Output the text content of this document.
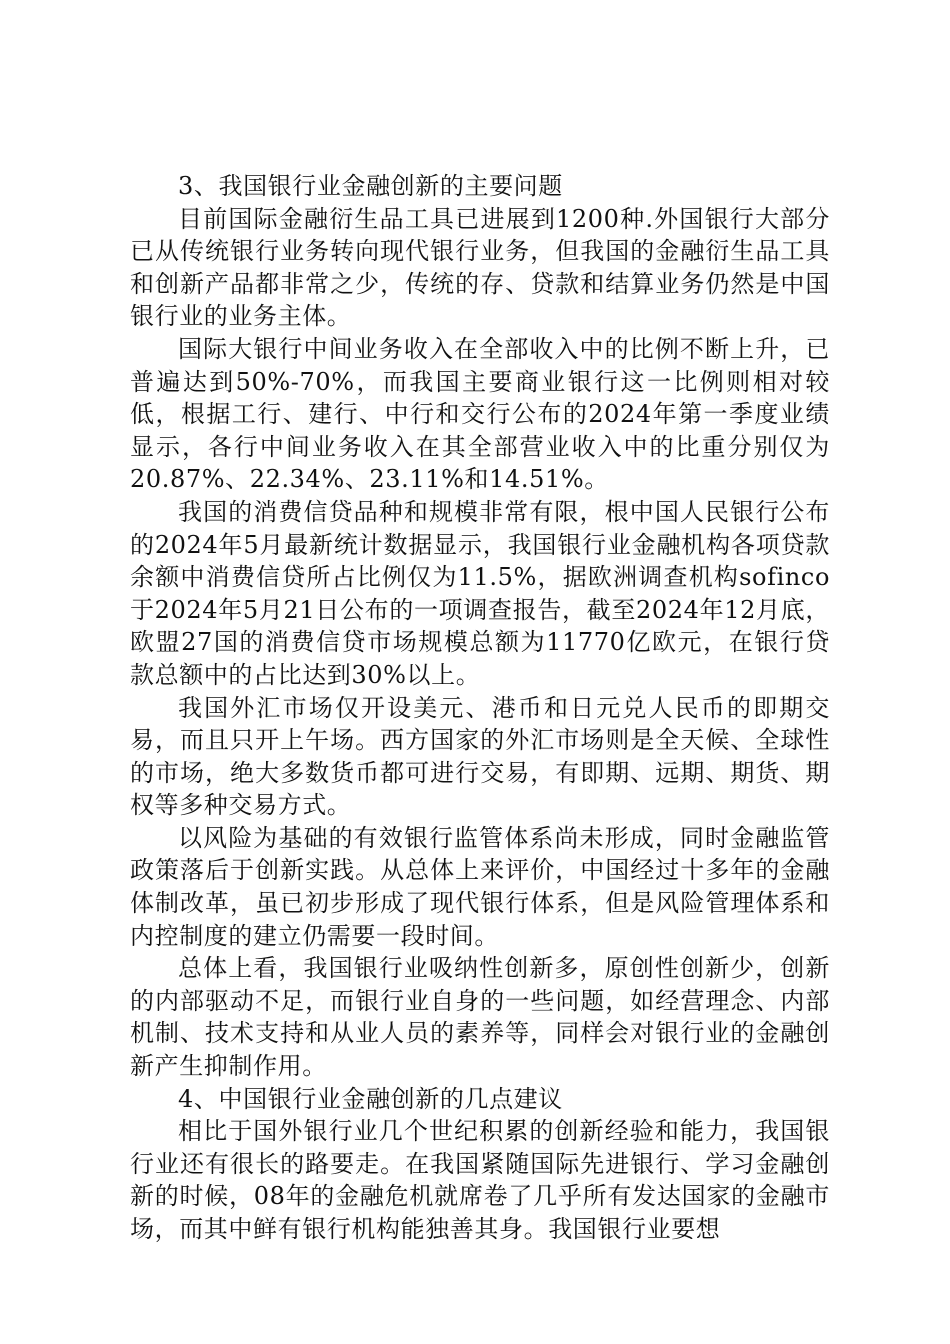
3、我国银行业金融创新的主要问题

目前国际金融衍生品工具已进展到1200种.外国银行大部分已从传统银行业务转向现代银行业务，但我国的金融衍生品工具和创新产品都非常之少，传统的存、贷款和结算业务仍然是中国银行业的业务主体。

国际大银行中间业务收入在全部收入中的比例不断上升，已普遍达到50%-70%，而我国主要商业银行这一比例则相对较低，根据工行、建行、中行和交行公布的2024年第一季度业绩显示，各行中间业务收入在其全部营业收入中的比重分别仅为20.87%、22.34%、23.11%和14.51%。

我国的消费信贷品种和规模非常有限，根中国人民银行公布的2024年5月最新统计数据显示，我国银行业金融机构各项贷款余额中消费信贷所占比例仅为11.5%，据欧洲调查机构sofinco于2024年5月21日公布的一项调查报告，截至2024年12月底，欧盟27国的消费信贷市场规模总额为11770亿欧元，在银行贷款总额中的占比达到30%以上。

我国外汇市场仅开设美元、港币和日元兑人民币的即期交易，而且只开上午场。西方国家的外汇市场则是全天候、全球性的市场，绝大多数货币都可进行交易，有即期、远期、期货、期权等多种交易方式。

以风险为基础的有效银行监管体系尚未形成，同时金融监管政策落后于创新实践。从总体上来评价，中国经过十多年的金融体制改革，虽已初步形成了现代银行体系，但是风险管理体系和内控制度的建立仍需要一段时间。

总体上看，我国银行业吸纳性创新多，原创性创新少，创新的内部驱动不足，而银行业自身的一些问题，如经营理念、内部机制、技术支持和从业人员的素养等，同样会对银行业的金融创新产生抑制作用。

4、中国银行业金融创新的几点建议

相比于国外银行业几个世纪积累的创新经验和能力，我国银行业还有很长的路要走。在我国紧随国际先进银行、学习金融创新的时候，08年的金融危机就席卷了几乎所有发达国家的金融市场，而其中鲜有银行机构能独善其身。我国银行业要想
